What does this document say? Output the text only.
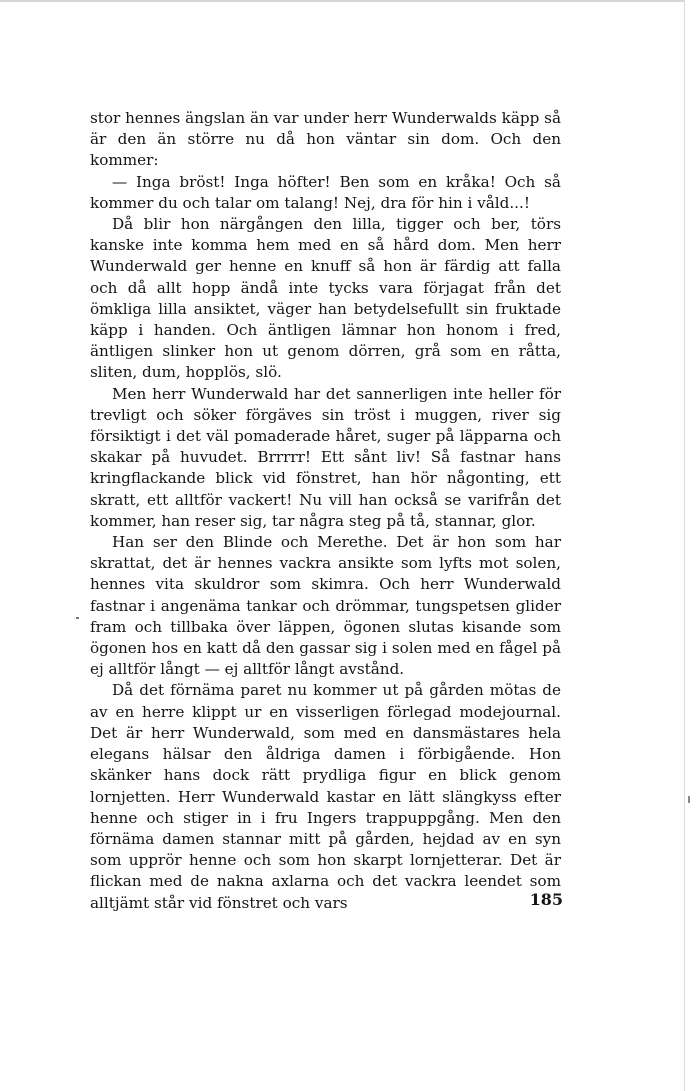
stor hennes ängslan än var under herr Wunderwalds käpp så är den än större nu då hon väntar sin dom. Och den kommer:

— Inga bröst! Inga höfter! Ben som en kråka! Och så kommer du och talar om talang! Nej, dra för hin i våld...!

Då blir hon närgången den lilla, tigger och ber, törs kanske inte komma hem med en så hård dom. Men herr Wunderwald ger henne en knuff så hon är färdig att falla och då allt hopp ändå inte tycks vara förjagat från det ömkliga lilla ansiktet, väger han betydelsefullt sin fruktade käpp i handen. Och äntligen lämnar hon honom i fred, äntligen slinker hon ut genom dörren, grå som en råtta, sliten, dum, hopplös, slö.

Men herr Wunderwald har det sannerligen inte heller för trevligt och söker förgäves sin tröst i muggen, river sig försiktigt i det väl pomaderade håret, suger på läpparna och skakar på huvudet. Brrrrr! Ett sånt liv! Så fastnar hans kringflackande blick vid fönstret, han hör någonting, ett skratt, ett alltför vackert! Nu vill han också se varifrån det kommer, han reser sig, tar några steg på tå, stannar, glor.

Han ser den Blinde och Merethe. Det är hon som har skrattat, det är hennes vackra ansikte som lyfts mot solen, hennes vita skuldror som skimra. Och herr Wunderwald fastnar i angenäma tankar och drömmar, tungspetsen glider fram och tillbaka över läppen, ögonen slutas kisande som ögonen hos en katt då den gassar sig i solen med en fågel på ej alltför långt — ej alltför långt avstånd.

Då det förnäma paret nu kommer ut på gården mötas de av en herre klippt ur en visserligen förlegad modejournal. Det är herr Wunderwald, som med en dansmästares hela elegans hälsar den åldriga damen i förbigående. Hon skänker hans dock rätt prydliga figur en blick genom lornjetten. Herr Wunderwald kastar en lätt slängkyss efter henne och stiger in i fru Ingers trappuppgång. Men den förnäma damen stannar mitt på gården, hejdad av en syn som upprör henne och som hon skarpt lornjetterar. Det är flickan med de nakna axlarna och det vackra leendet som alltjämt står vid fönstret och vars	185
